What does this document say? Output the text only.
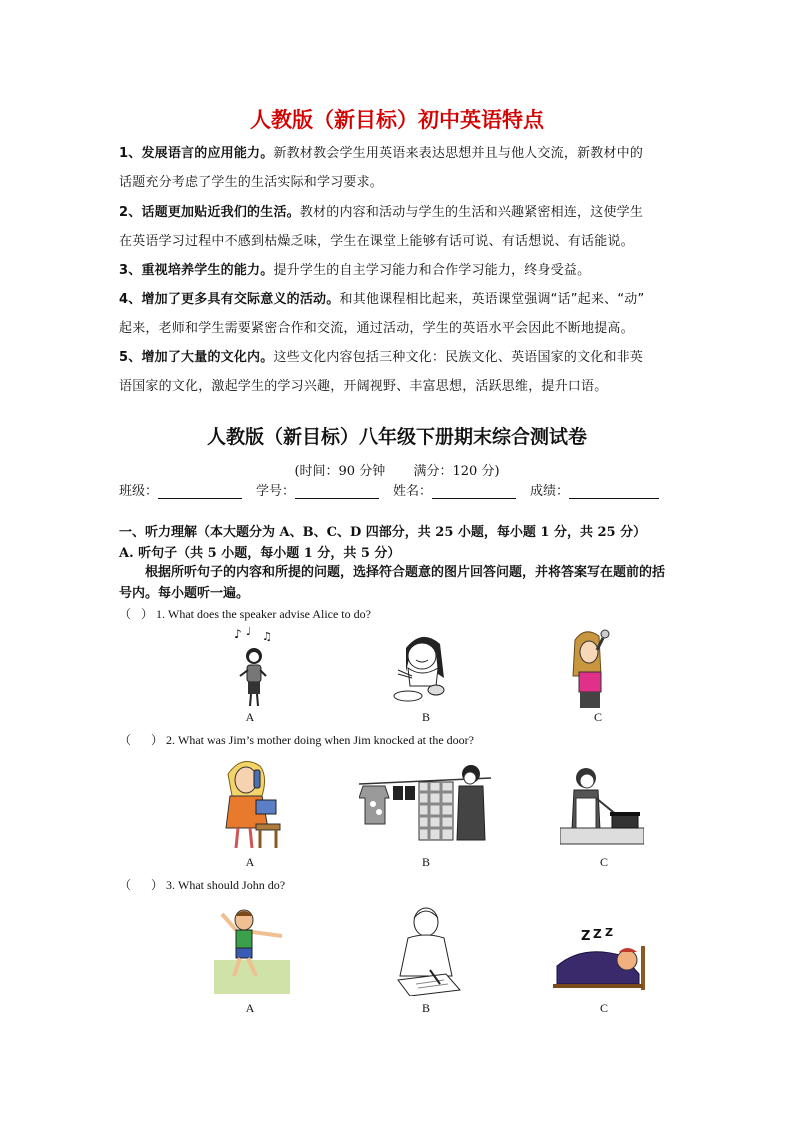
人教版（新目标）初中英语特点
1、发展语言的应用能力。新教材教会学生用英语来表达思想并且与他人交流，新教材中的
话题充分考虑了学生的生活实际和学习要求。
2、话题更加贴近我们的生活。教材的内容和活动与学生的生活和兴趣紧密相连，这使学生
在英语学习过程中不感到枯燥乏味，学生在课堂上能够有话可说、有话想说、有话能说。
3、重视培养学生的能力。提升学生的自主学习能力和合作学习能力，终身受益。
4、增加了更多具有交际意义的活动。和其他课程相比起来，英语课堂强调“话”起来、“动”
起来，老师和学生需要紧密合作和交流，通过活动，学生的英语水平会因此不断地提高。
5、增加了大量的文化内。这些文化内容包括三种文化：民族文化、英语国家的文化和非英
语国家的文化，激起学生的学习兴趣，开阔视野、丰富思想，活跃思维，提升口语。
人教版（新目标）八年级下册期末综合测试卷
(时间：90 分钟 满分：120 分)
班级：	学号：	姓名：	成绩：
一、听力理解（本大题分为 A、B、C、D 四部分，共 25 小题，每小题 1 分，共 25 分）
A. 听句子（共 5 小题，每小题 1 分，共 5 分）
根据所听句子的内容和所提的问题，选择符合题意的图片回答问题，并将答案写在题前的括号内。每小题听一遍。
（ ） 1. What does the speaker advise Alice to do?
♪ ♩ ♫
A	B	C
（ ） 2. What was Jim’s mother doing when Jim knocked at the door?
A	B	C
（ ） 3. What should John do?
Z Z Z
A	B	C
